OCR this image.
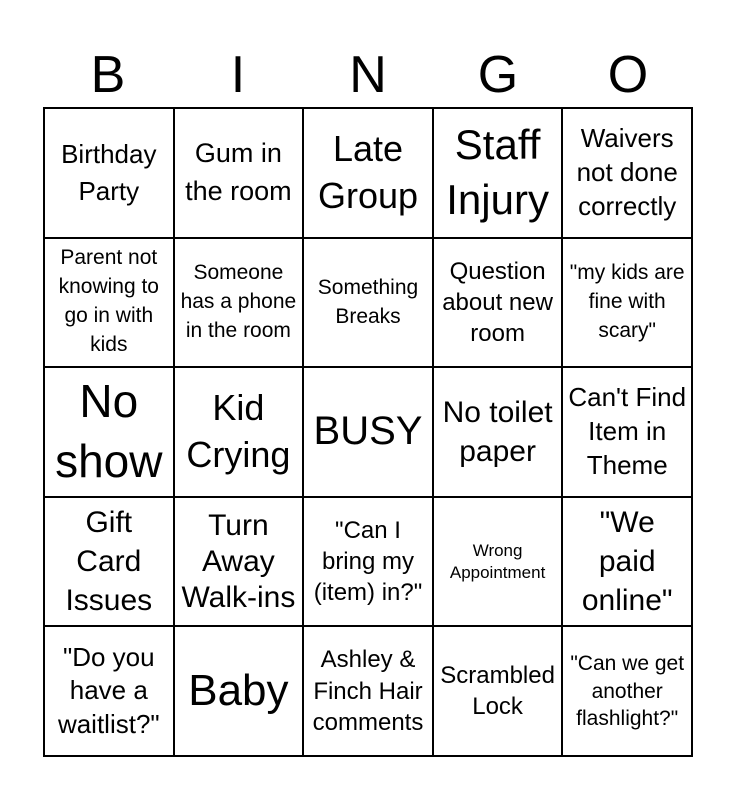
B	I	N	G	O
Birthday Party
Gum in the room
Late Group
Staff Injury
Waivers not done correctly
Parent not knowing to go in with kids
Someone has a phone in the room
Something Breaks
Question about new room
"my kids are fine with scary"
No show
Kid Crying
BUSY No toilet paper
Can't Find Item in Theme
Gift Card Issues
Turn Away Walk-ins
"Can I bring my (item) in?"
Wrong Appointment
"We paid online"
"Do you have a waitlist?"
Baby
Ashley & Finch Hair comments
Scrambled Lock
"Can we get another flashlight?"
